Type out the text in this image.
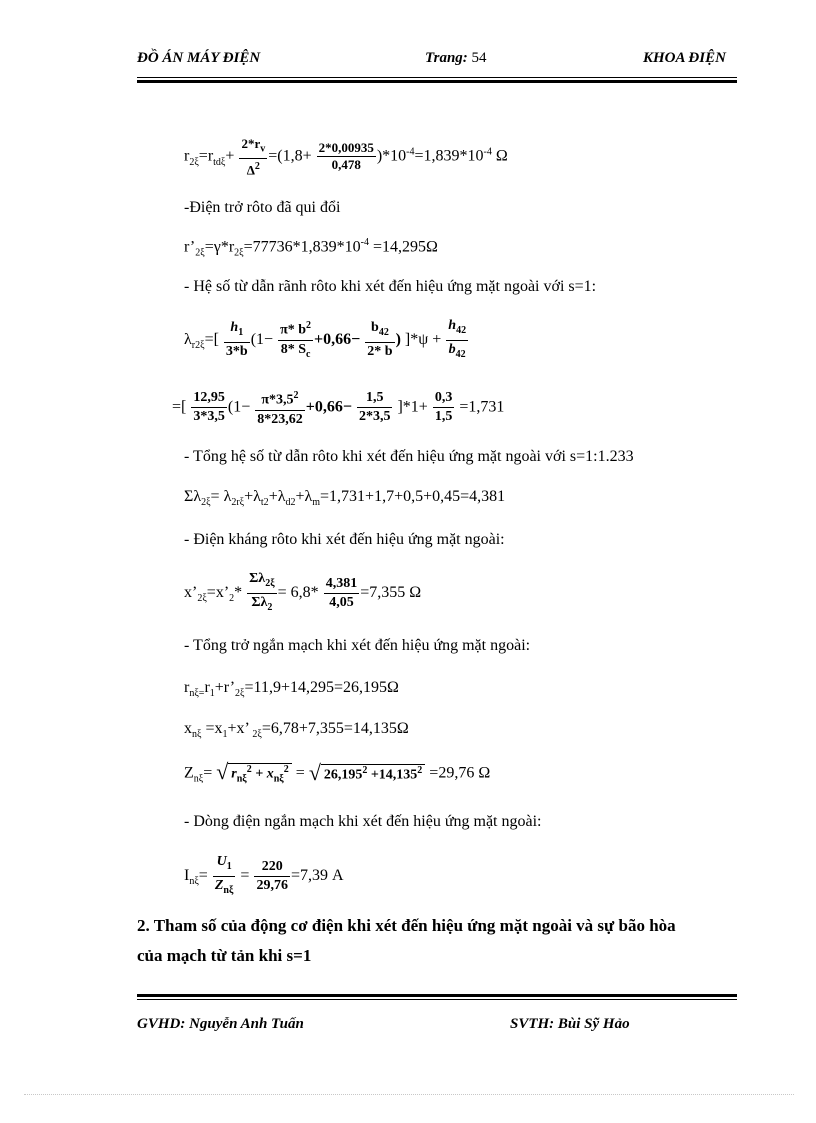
ĐỒ ÁN MÁY ĐIỆN	Trang: 54	KHOA ĐIỆN
$r_{2\xi}=r_{td\xi}+ \frac{2*r_v}{\Delta^2} =(1,8+ \frac{2*0,00935}{0,478} )*10^{-4}=1,839*10^{-4}$ Ω
-Điện trở rôto đã qui đổi
$r’_{2\xi}=\gamma*r_{2\xi}=77736*1,839*10^{-4} =14,295\Omega$
- Hệ số từ dẫn rãnh rôto khi xét đến hiệu ứng mặt ngoài với s=1:
$\lambda_{r2\xi}=[ \frac{h_1}{3*b} (1- \frac{\pi* b^2}{8* S_c} +0,66- \frac{b_{42}}{2* b}$ ) ]$*\psi + \frac{h_{42}}{b_{42}}$
=[ $\frac{12,95}{3*3,5} (1- \frac{\pi*3,5^2}{8*23,62} +0,66- \frac{1,5}{2*3,5} ]*1+ \frac{0,3}{1,5} =1,731$
- Tổng hệ số từ dẫn rôto khi xét đến hiệu ứng mặt ngoài với s=1:1.233
$\Sigma\lambda_{2\xi}= \lambda_{2r\xi}+\lambda_{t2}+\lambda_{d2}+\lambda_m=1,731+1,7+0,5+0,45=4,381$
- Điện kháng rôto khi xét đến hiệu ứng mặt ngoài:
$x’_{2\xi}=x’_2* \frac{\Sigma\lambda_{2\xi}}{\Sigma\lambda_2} = 6,8* \frac{4,381}{4,05} =7,355$ Ω
- Tổng trở ngắn mạch khi xét đến hiệu ứng mặt ngoài:
$r_{n\xi=}r_1+r’_{2\xi}=11,9+14,295=26,195\Omega$
$x_{n\xi} =x_1+x$’ $_{2\xi}$=6,78+7,355=14,135Ω
$Z_{n\xi}=$ √ $r_{n\xi}^2 + x_{n\xi}^2$ = √ $26,195^2 +14,135^2 =29,76$ Ω
- Dòng điện ngắn mạch khi xét đến hiệu ứng mặt ngoài:
$I_{n\xi}= \frac{U_1}{Z_{n\xi}} = \frac{220}{29,76} =7,39$ A
2. Tham số của động cơ điện khi xét đến hiệu ứng mặt ngoài và sự bão hòa
của mạch từ tản khi s=1
GVHD: Nguyễn Anh Tuấn	SVTH: Bùi Sỹ Hảo
